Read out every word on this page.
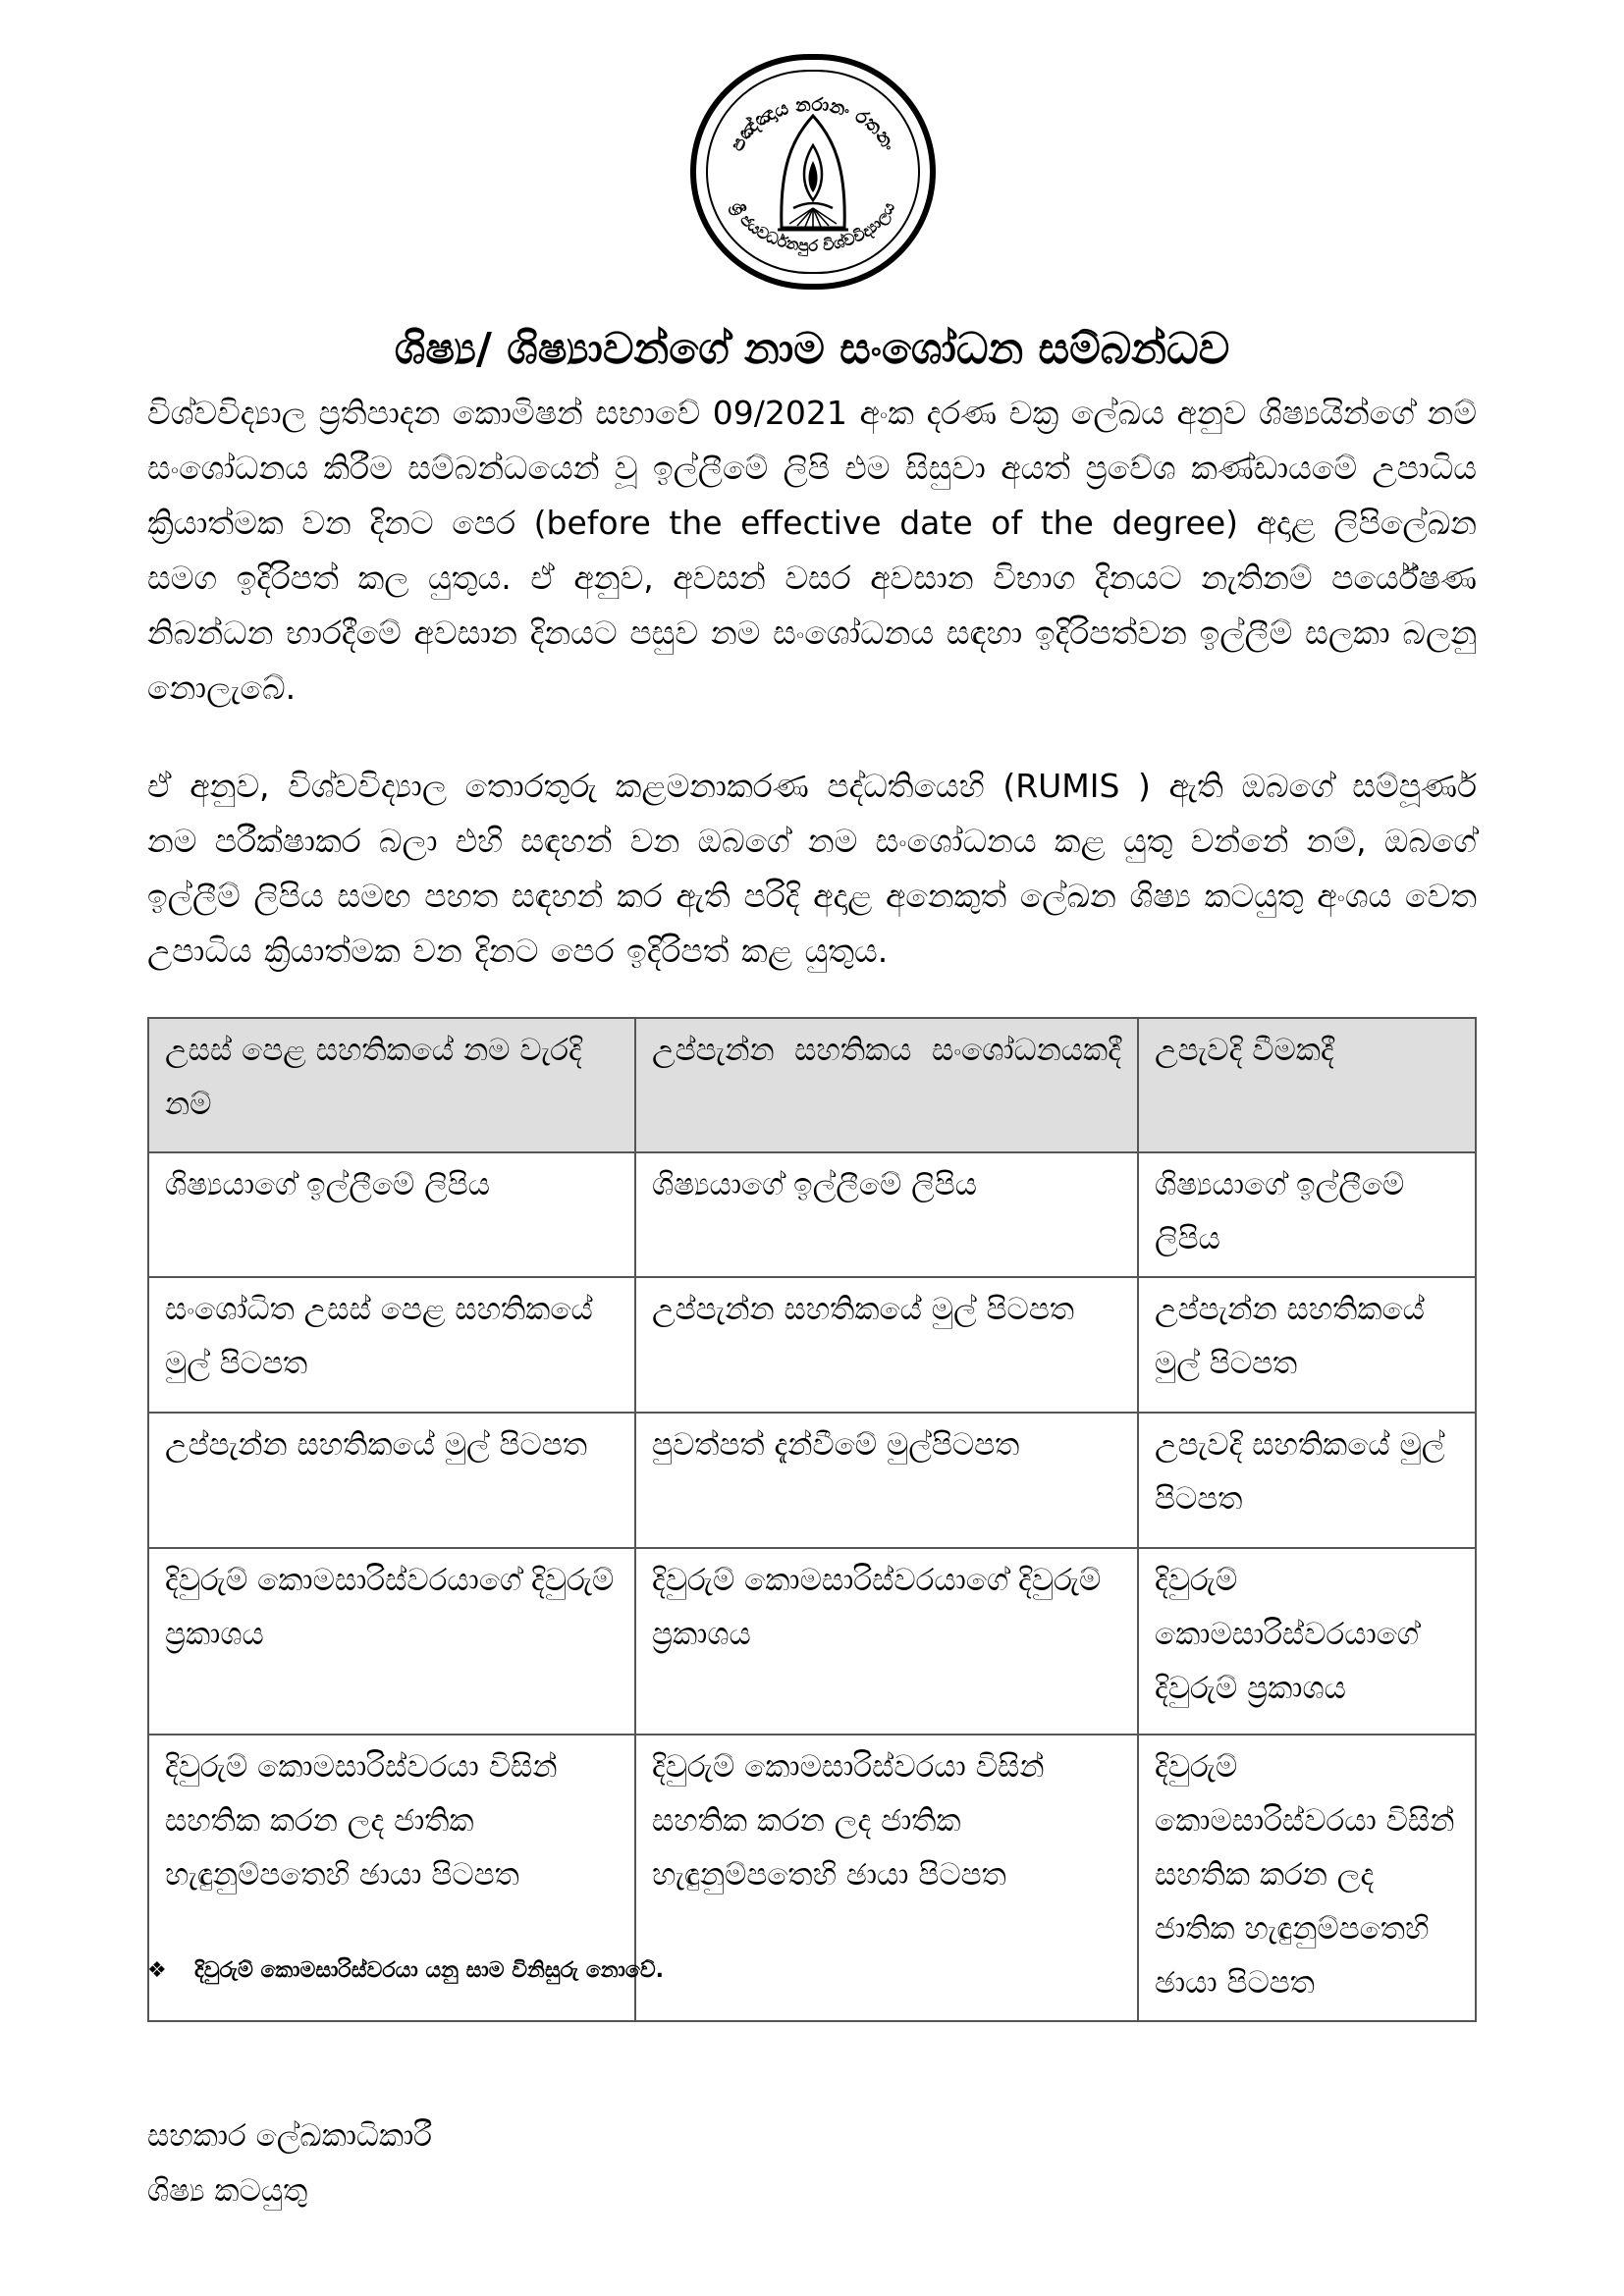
පඤ්ඤාය නරානං රතනං
ශ්‍රී ජයවර්ධනපුර විශ්වවිද්‍යාලය
ශිෂ්‍ය/ ශිෂ්‍යාවන්ගේ නාම සංශෝධන සම්බන්ධව

විශ්වවිද්‍යාල ප්‍රතිපාදන කොමිෂන් සභාවේ 09/2021 අංක දරණ චක්‍ර ලේඛය අනුව ශිෂ්‍යයින්ගේ නම් සංශෝධනය කිරීම සම්බන්ධයෙන් වූ ඉල්ලීමේ ලිපි එම සිසුවා අයත් ප්‍රවේශ කණ්ඩායමේ උපාධිය ක්‍රියාත්මක වන දිනට පෙර (before the effective date of the degree) අදාළ ලිපිලේඛන සමග ඉදිරිපත් කල යුතුය. ඒ අනුව, අවසන් වසර අවසාන විභාග දිනයට නැතිනම් පර්යේෂණ නිබන්ධන භාරදීමේ අවසාන දිනයට පසුව නම සංශෝධනය සඳහා ඉදිරිපත්වන ඉල්ලීම් සලකා බලනු නොලැබේ.

ඒ අනුව, විශ්වවිද්‍යාල තොරතුරු කළමනාකරණ පද්ධතියෙහි (RUMIS ) ඇති ඔබගේ සම්පූර්ණ නම පරීක්ෂාකර බලා එහි සඳහන් වන ඔබගේ නම සංශෝධනය කළ යුතු වන්නේ නම්, ඔබගේ ඉල්ලීම් ලිපිය සමඟ පහත සඳහන් කර ඇති පරිදි අදාළ අනෙකුත් ලේඛන ශිෂ්‍ය කටයුතු අංශය වෙත උපාධිය ක්‍රියාත්මක වන දිනට පෙර ඉදිරිපත් කළ යුතුය.

උසස් පෙළ සහතිකයේ නම වැරදි නම්	උප්පැන්න සහතිකය සංශෝධනයකදී	උපැවදි වීමකදී
ශිෂ්‍යයාගේ ඉල්ලීමේ ලිපිය	ශිෂ්‍යයාගේ ඉල්ලීමේ ලිපිය	ශිෂ්‍යයාගේ ඉල්ලීමේ ලිපිය
සංශෝධිත උසස් පෙළ සහතිකයේ මුල් පිටපත	උප්පැන්න සහතිකයේ මුල් පිටපත	උප්පැන්න සහතිකයේ මුල් පිටපත
උප්පැන්න සහතිකයේ මුල් පිටපත	පුවත්පත් දැන්වීමේ මුල්පිටපත	උපැවදි සහතිකයේ මුල් පිටපත
දිවුරුම් කොමසාරිස්වරයාගේ දිවුරුම් ප්‍රකාශය	දිවුරුම් කොමසාරිස්වරයාගේ දිවුරුම් ප්‍රකාශය	දිවුරුම් කොමසාරිස්වරයාගේ දිවුරුම් ප්‍රකාශය
දිවුරුම් කොමසාරිස්වරයා විසින් සහතික කරන ලද ජාතික හැඳුනුම්පතෙහි ඡායා පිටපත	දිවුරුම් කොමසාරිස්වරයා විසින් සහතික කරන ලද ජාතික හැඳුනුම්පතෙහි ඡායා පිටපත	දිවුරුම් කොමසාරිස්වරයා විසින් සහතික කරන ලද ජාතික හැඳුනුම්පතෙහි ඡායා පිටපත

❖ දිවුරුම් කොමසාරිස්වරයා යනු සාම විනිසුරු නොවේ.

සහකාර ලේඛකාධිකාරී
ශිෂ්‍ය කටයුතු
